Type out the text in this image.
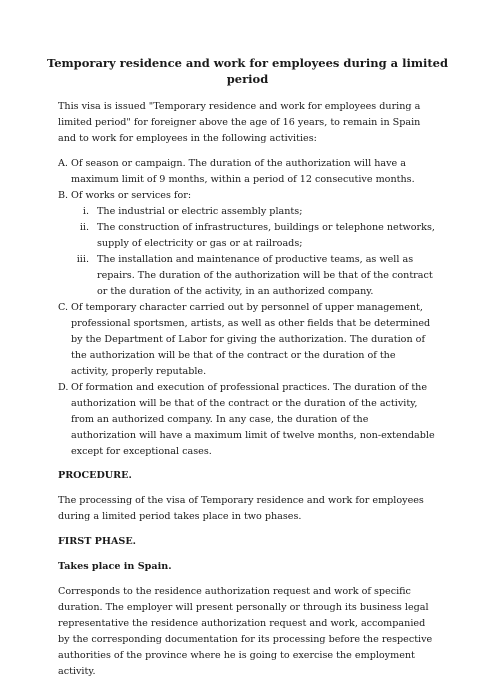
Temporary residence and work for employees during a limited period

This visa is issued "Temporary residence and work for employees during a limited period" for foreigner above the age of 16 years, to remain in Spain and to work for employees in the following activities:

A. Of season or campaign. The duration of the authorization will have a maximum limit of 9 months, within a period of 12 consecutive months.
B. Of works or services for:
i. The industrial or electric assembly plants;
ii. The construction of infrastructures, buildings or telephone networks, supply of electricity or gas or at railroads;
iii. The installation and maintenance of productive teams, as well as repairs. The duration of the authorization will be that of the contract or the duration of the activity, in an authorized company.
C. Of temporary character carried out by personnel of upper management, professional sportsmen, artists, as well as other fields that be determined by the Department of Labor for giving the authorization. The duration of the authorization will be that of the contract or the duration of the activity, properly reputable.
D. Of formation and execution of professional practices. The duration of the authorization will be that of the contract or the duration of the activity, from an authorized company. In any case, the duration of the authorization will have a maximum limit of twelve months, non-extendable except for exceptional cases.
PROCEDURE.

The processing of the visa of Temporary residence and work for employees during a limited period takes place in two phases.

FIRST PHASE.
Takes place in Spain.

Corresponds to the residence authorization request and work of specific duration. The employer will present personally or through its business legal representative the residence authorization request and work, accompanied by the corresponding documentation for its processing before the respective authorities of the province where he is going to exercise the employment activity.
